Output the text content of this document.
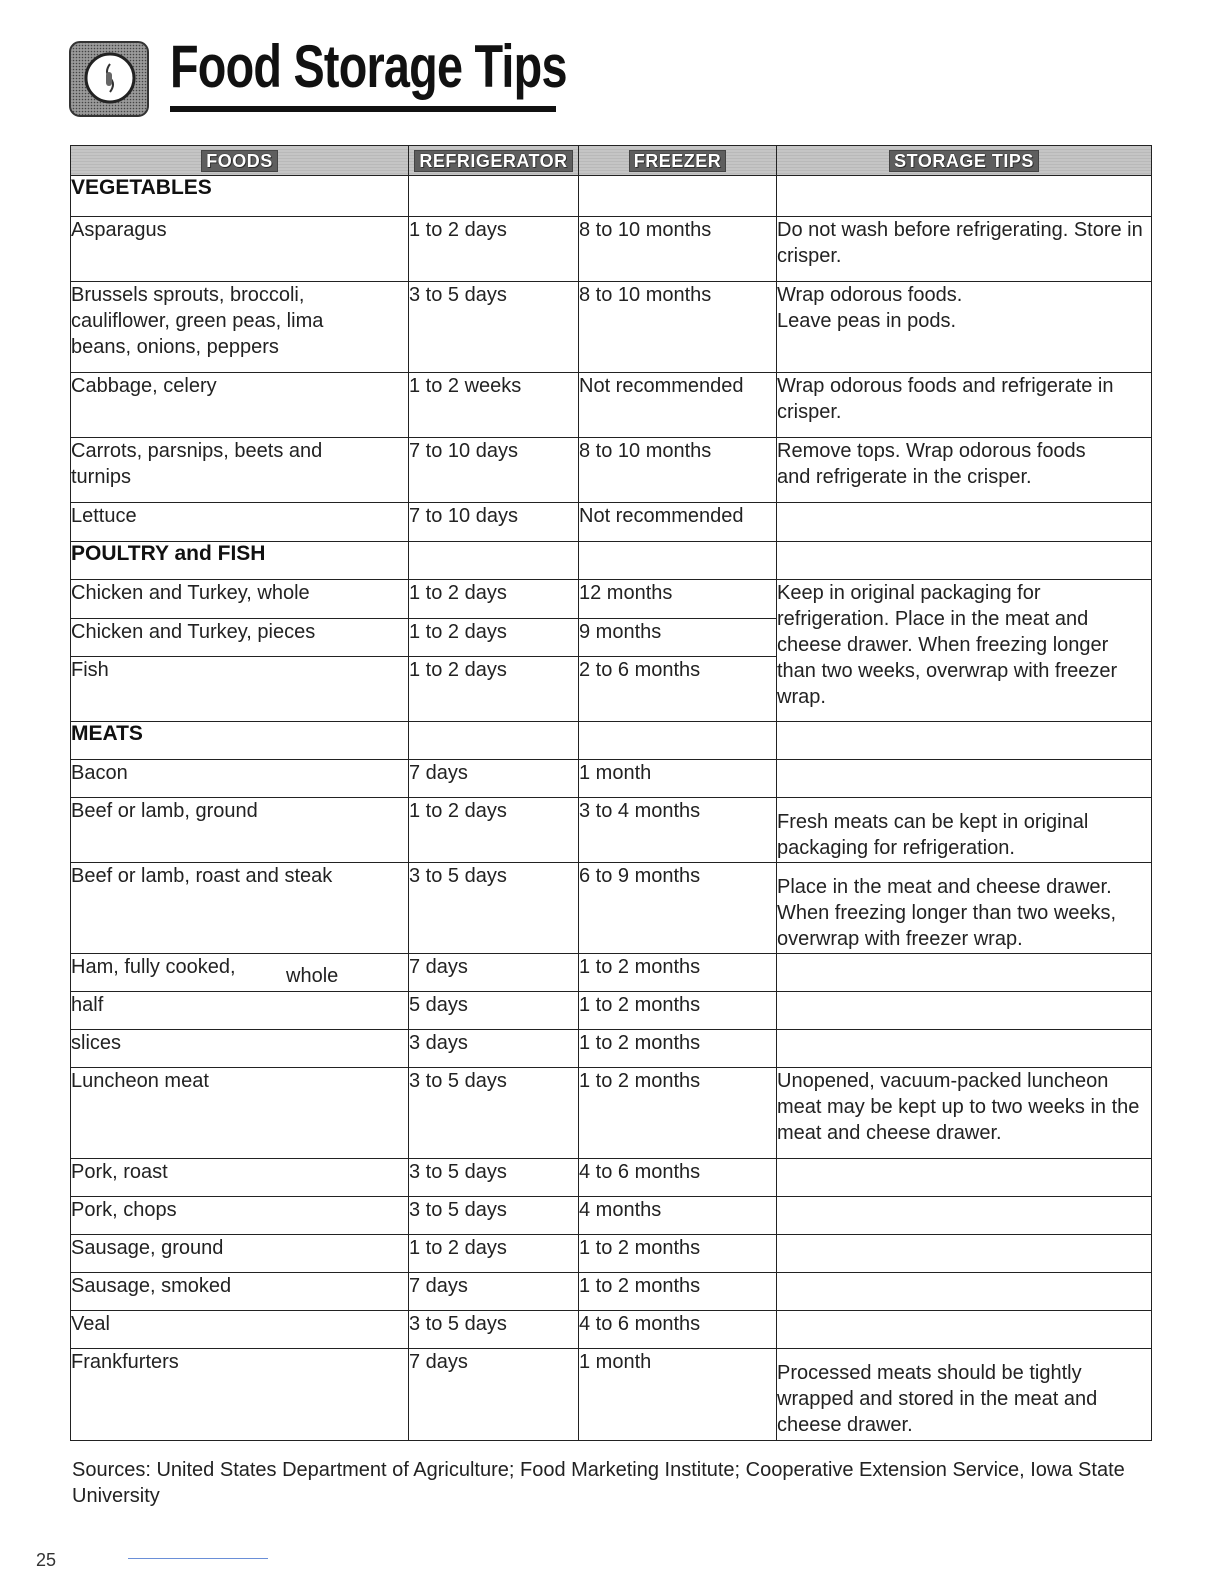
Food Storage Tips
FOODS	REFRIGERATOR	FREEZER	STORAGE TIPS
VEGETABLES			
Asparagus	1 to 2 days	8 to 10 months	Do not wash before refrigerating. Store in crisper.
Brussels sprouts, broccoli, cauliflower, green peas, lima beans, onions, peppers	3 to 5 days	8 to 10 months	Wrap odorous foods. Leave peas in pods.
Cabbage, celery	1 to 2 weeks	Not recommended	Wrap odorous foods and refrigerate in crisper.
Carrots, parsnips, beets and turnips	7 to 10 days	8 to 10 months	Remove tops. Wrap odorous foods and refrigerate in the crisper.
Lettuce	7 to 10 days	Not recommended	
POULTRY and FISH			
Chicken and Turkey, whole	1 to 2 days	12 months	Keep in original packaging for refrigeration. Place in the meat and cheese drawer. When freezing longer than two weeks, overwrap with freezer wrap.
Chicken and Turkey, pieces	1 to 2 days	9 months	
Fish	1 to 2 days	2 to 6 months	
MEATS			
Bacon	7 days	1 month	
Beef or lamb, ground	1 to 2 days	3 to 4 months	Fresh meats can be kept in original packaging for refrigeration.
Beef or lamb, roast and steak	3 to 5 days	6 to 9 months	Place in the meat and cheese drawer. When freezing longer than two weeks, overwrap with freezer wrap.
Ham, fully cooked, whole	7 days	1 to 2 months	
half	5 days	1 to 2 months	
slices	3 days	1 to 2 months	
Luncheon meat	3 to 5 days	1 to 2 months	Unopened, vacuum-packed luncheon meat may be kept up to two weeks in the meat and cheese drawer.
Pork, roast	3 to 5 days	4 to 6 months	
Pork, chops	3 to 5 days	4 months	
Sausage, ground	1 to 2 days	1 to 2 months	
Sausage, smoked	7 days	1 to 2 months	
Veal	3 to 5 days	4 to 6 months	
Frankfurters	7 days	1 month	Processed meats should be tightly wrapped and stored in the meat and cheese drawer.
Sources: United States Department of Agriculture; Food Marketing Institute; Cooperative Extension Service, Iowa State University
25
